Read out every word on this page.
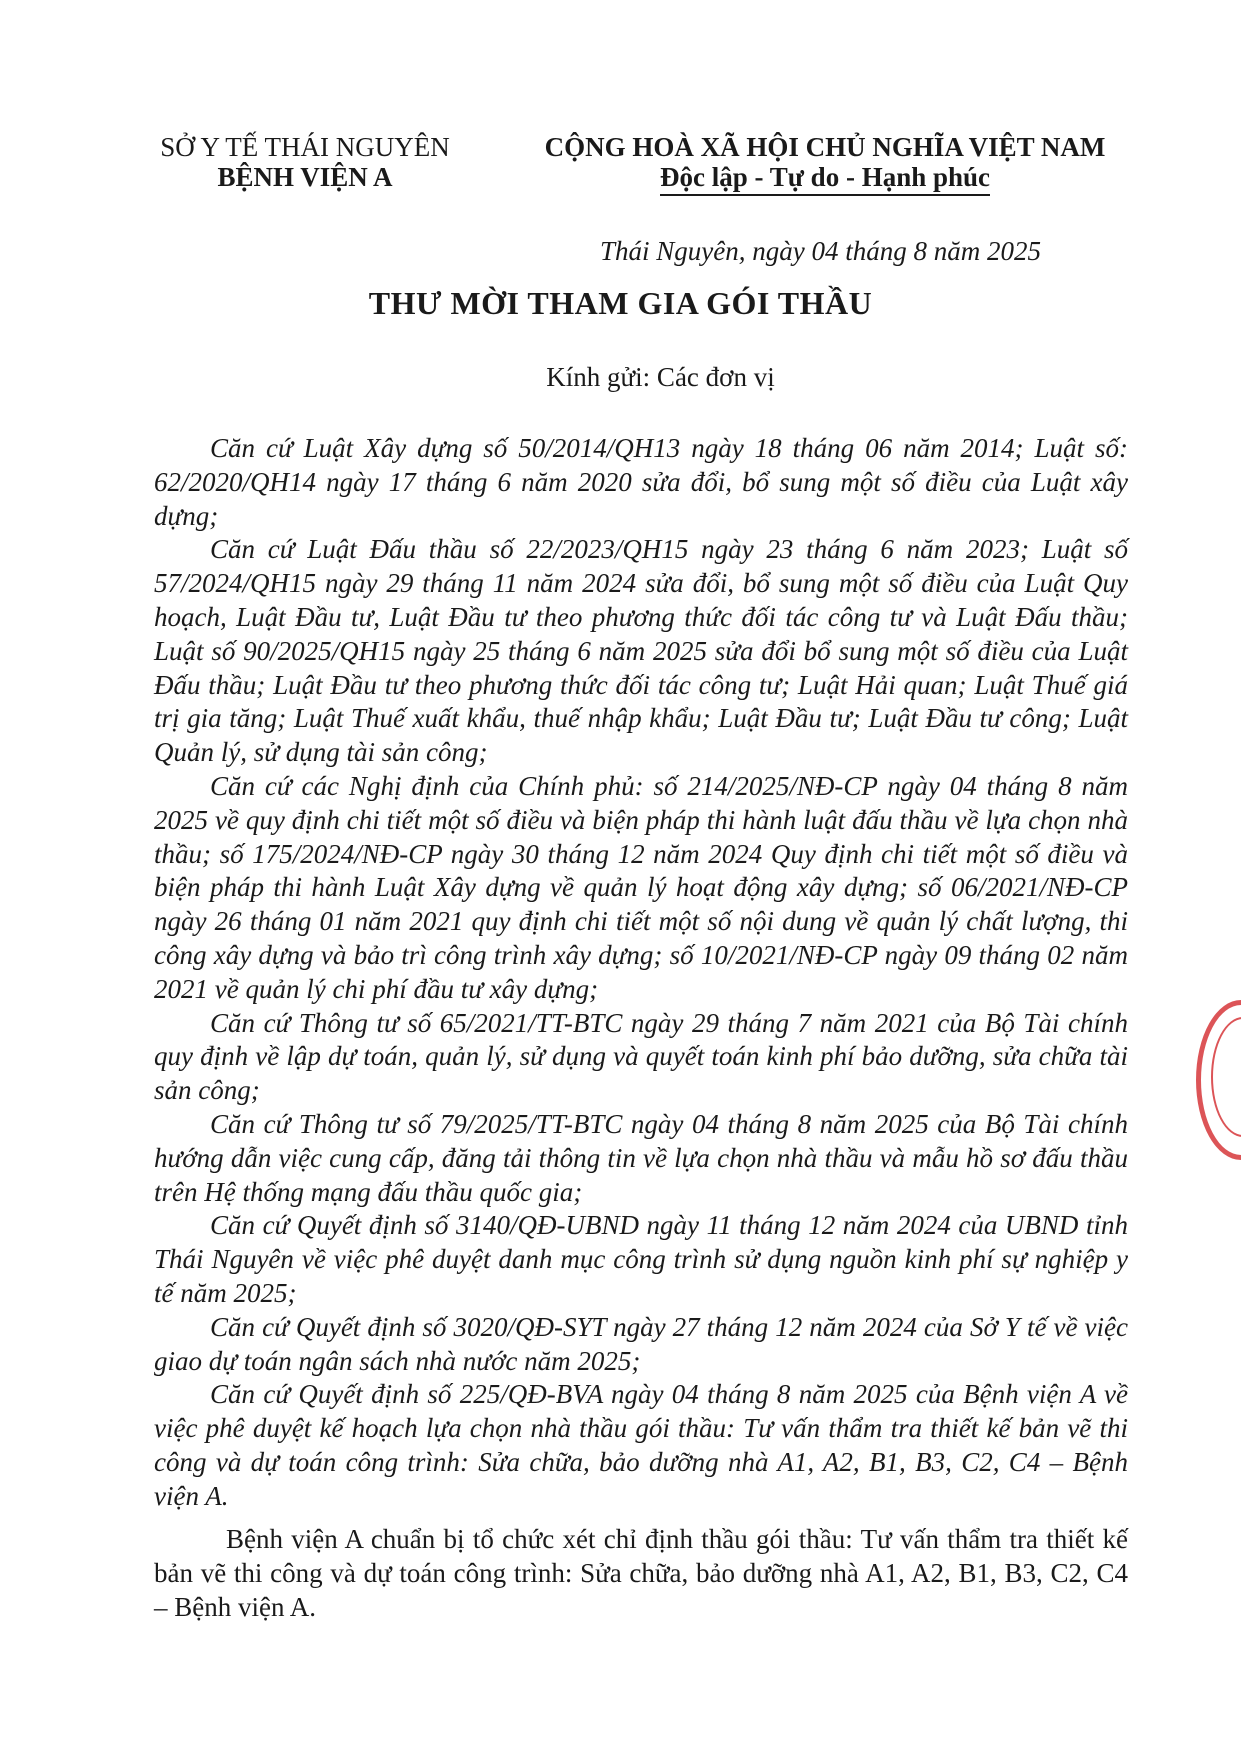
SỞ Y TẾ THÁI NGUYÊN
BỆNH VIỆN A
CỘNG HOÀ XÃ HỘI CHỦ NGHĨA VIỆT NAM
Độc lập - Tự do - Hạnh phúc
Thái Nguyên, ngày 04 tháng 8 năm 2025
THƯ MỜI THAM GIA GÓI THẦU
Kính gửi: Các đơn vị

Căn cứ Luật Xây dựng số 50/2014/QH13 ngày 18 tháng 06 năm 2014; Luật số: 62/2020/QH14 ngày 17 tháng 6 năm 2020 sửa đổi, bổ sung một số điều của Luật xây dựng;

Căn cứ Luật Đấu thầu số 22/2023/QH15 ngày 23 tháng 6 năm 2023; Luật số 57/2024/QH15 ngày 29 tháng 11 năm 2024 sửa đổi, bổ sung một số điều của Luật Quy hoạch, Luật Đầu tư, Luật Đầu tư theo phương thức đối tác công tư và Luật Đấu thầu; Luật số 90/2025/QH15 ngày 25 tháng 6 năm 2025 sửa đổi bổ sung một số điều của Luật Đấu thầu; Luật Đầu tư theo phương thức đối tác công tư; Luật Hải quan; Luật Thuế giá trị gia tăng; Luật Thuế xuất khẩu, thuế nhập khẩu; Luật Đầu tư; Luật Đầu tư công; Luật Quản lý, sử dụng tài sản công;

Căn cứ các Nghị định của Chính phủ: số 214/2025/NĐ-CP ngày 04 tháng 8 năm 2025 về quy định chi tiết một số điều và biện pháp thi hành luật đấu thầu về lựa chọn nhà thầu; số 175/2024/NĐ-CP ngày 30 tháng 12 năm 2024 Quy định chi tiết một số điều và biện pháp thi hành Luật Xây dựng về quản lý hoạt động xây dựng; số 06/2021/NĐ-CP ngày 26 tháng 01 năm 2021 quy định chi tiết một số nội dung về quản lý chất lượng, thi công xây dựng và bảo trì công trình xây dựng; số 10/2021/NĐ-CP ngày 09 tháng 02 năm 2021 về quản lý chi phí đầu tư xây dựng;

Căn cứ Thông tư số 65/2021/TT-BTC ngày 29 tháng 7 năm 2021 của Bộ Tài chính quy định về lập dự toán, quản lý, sử dụng và quyết toán kinh phí bảo dưỡng, sửa chữa tài sản công;

Căn cứ Thông tư số 79/2025/TT-BTC ngày 04 tháng 8 năm 2025 của Bộ Tài chính hướng dẫn việc cung cấp, đăng tải thông tin về lựa chọn nhà thầu và mẫu hồ sơ đấu thầu trên Hệ thống mạng đấu thầu quốc gia;

Căn cứ Quyết định số 3140/QĐ-UBND ngày 11 tháng 12 năm 2024 của UBND tỉnh Thái Nguyên về việc phê duyệt danh mục công trình sử dụng nguồn kinh phí sự nghiệp y tế năm 2025;

Căn cứ Quyết định số 3020/QĐ-SYT ngày 27 tháng 12 năm 2024 của Sở Y tế về việc giao dự toán ngân sách nhà nước năm 2025;

Căn cứ Quyết định số 225/QĐ-BVA ngày 04 tháng 8 năm 2025 của Bệnh viện A về việc phê duyệt kế hoạch lựa chọn nhà thầu gói thầu: Tư vấn thẩm tra thiết kế bản vẽ thi công và dự toán công trình: Sửa chữa, bảo dưỡng nhà A1, A2, B1, B3, C2, C4 – Bệnh viện A.

Bệnh viện A chuẩn bị tổ chức xét chỉ định thầu gói thầu: Tư vấn thẩm tra thiết kế bản vẽ thi công và dự toán công trình: Sửa chữa, bảo dưỡng nhà A1, A2, B1, B3, C2, C4 – Bệnh viện A.
